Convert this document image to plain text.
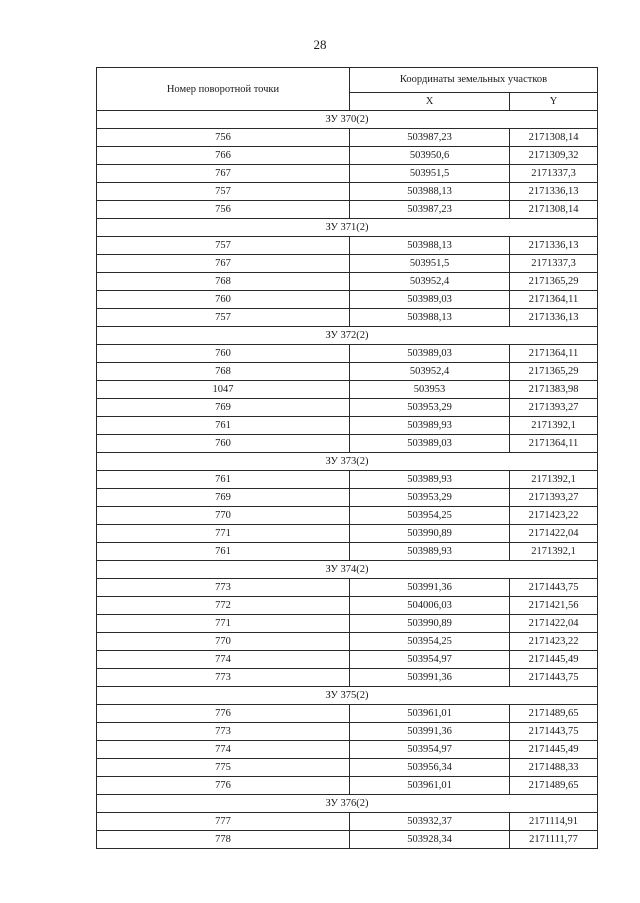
28
Номер поворотной точки	Координаты земельных участков	
	X	Y
ЗУ 370(2)		
756	503987,23	2171308,14
766	503950,6	2171309,32
767	503951,5	2171337,3
757	503988,13	2171336,13
756	503987,23	2171308,14
ЗУ 371(2)		
757	503988,13	2171336,13
767	503951,5	2171337,3
768	503952,4	2171365,29
760	503989,03	2171364,11
757	503988,13	2171336,13
ЗУ 372(2)		
760	503989,03	2171364,11
768	503952,4	2171365,29
1047	503953	2171383,98
769	503953,29	2171393,27
761	503989,93	2171392,1
760	503989,03	2171364,11
ЗУ 373(2)		
761	503989,93	2171392,1
769	503953,29	2171393,27
770	503954,25	2171423,22
771	503990,89	2171422,04
761	503989,93	2171392,1
ЗУ 374(2)		
773	503991,36	2171443,75
772	504006,03	2171421,56
771	503990,89	2171422,04
770	503954,25	2171423,22
774	503954,97	2171445,49
773	503991,36	2171443,75
ЗУ 375(2)		
776	503961,01	2171489,65
773	503991,36	2171443,75
774	503954,97	2171445,49
775	503956,34	2171488,33
776	503961,01	2171489,65
ЗУ 376(2)		
777	503932,37	2171114,91
778	503928,34	2171111,77
